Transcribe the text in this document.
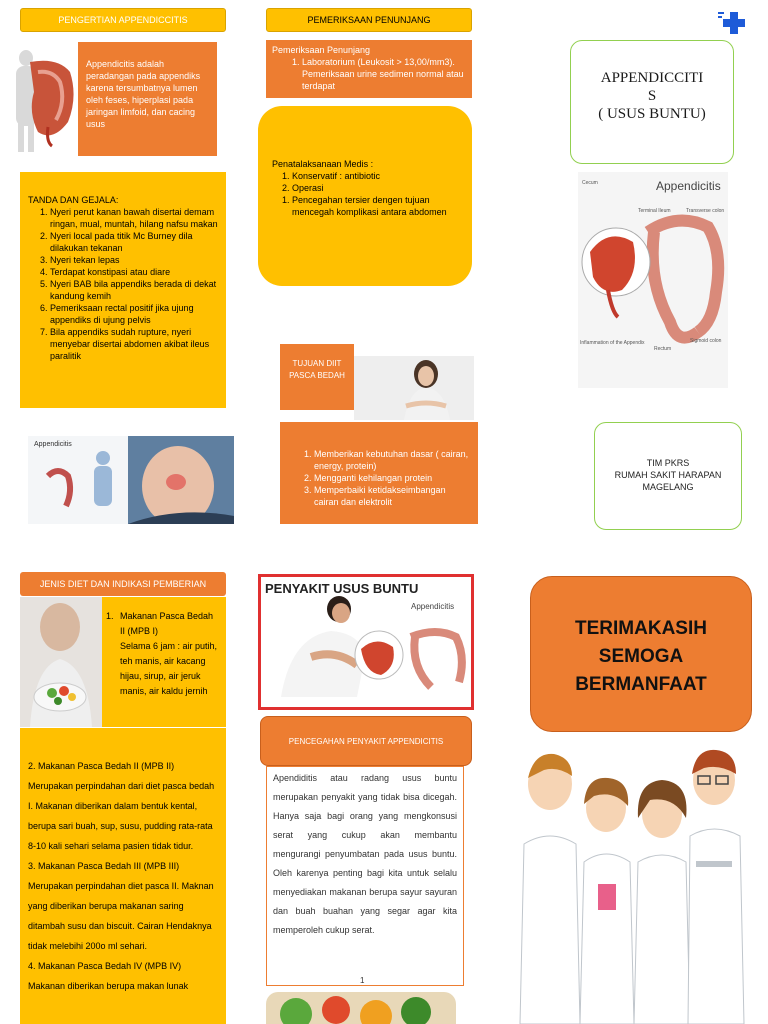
PENGERTIAN APPENDICCITIS
Appendicitis adalah peradangan pada appendiks karena tersumbatnya lumen oleh feses, hiperplasi pada jaringan limfoid, dan cacing usus
TANDA DAN GEJALA:
1. Nyeri perut kanan bawah disertai demam ringan, mual, muntah, hilang nafsu makan
2. Nyeri local pada titik Mc Burney dila dilakukan tekanan
3. Nyeri tekan lepas
4. Terdapat konstipasi atau diare
5. Nyeri BAB bila appendiks berada di dekat kandung kemih
6. Pemeriksaan rectal positif jika ujung appendiks di ujung pelvis
7. Bila appendiks sudah rupture, nyeri menyebar disertai abdomen akibat ileus paralitik
Appendicitis
PEMERIKSAAN PENUNJANG
Pemeriksaan Penunjang
1. Laboratorium (Leukosit > 13,00/mm3). Pemeriksaan urine sedimen normal atau terdapat
Penatalaksanaan Medis :
1. Konservatif : antibiotic
2. Operasi
1. Pencegahan tersier dengen tujuan mencegah komplikasi antara abdomen
TUJUAN DIIT PASCA BEDAH
1. Memberikan kebutuhan dasar ( cairan, energy, protein)
2. Mengganti kehilangan protein
3. Memperbaiki ketidakseimbangan cairan dan elektrolit
APPENDICCITI
S
( USUS BUNTU)
Appendicitis
Cecum
Terminal Ileum	Transverse colon
Sigmoid colon
Rectum
Inflammation of the Appendix
TIM PKRS
RUMAH SAKIT HARAPAN
MAGELANG
JENIS DIET DAN INDIKASI PEMBERIAN
1. Makanan Pasca Bedah II (MPB I)
Selama 6 jam : air putih, teh manis, air kacang hijau, sirup, air jeruk manis, air kaldu jernih
2. Makanan Pasca Bedah II (MPB II)
Merupakan perpindahan dari diet pasca bedah I. Makanan diberikan dalam bentuk kental, berupa sari buah, sup, susu, pudding rata-rata 8-10 kali sehari selama pasien tidak tidur.
3. Makanan Pasca Bedah III (MPB III)
Merupakan perpindahan diet pasca II. Maknan yang diberikan berupa makanan saring ditambah susu dan biscuit. Cairan Hendaknya tidak melebihi 200o ml sehari.
4. Makanan Pasca Bedah IV (MPB IV)
Makanan diberikan berupa makan lunak
PENYAKIT USUS BUNTU
Appendicitis
PENCEGAHAN PENYAKIT APPENDICITIS
Apendiditis atau radang usus buntu merupakan penyakit yang tidak bisa dicegah. Hanya saja bagi orang yang mengkonsusi serat yang cukup akan membantu mengurangi penyumbatan pada usus buntu. Oleh karenya penting bagi kita untuk selalu menyediakan makanan berupa sayur sayuran dan buah buahan yang segar agar kita memperoleh cukup serat.
1
TERIMAKASIH
SEMOGA
BERMANFAAT
